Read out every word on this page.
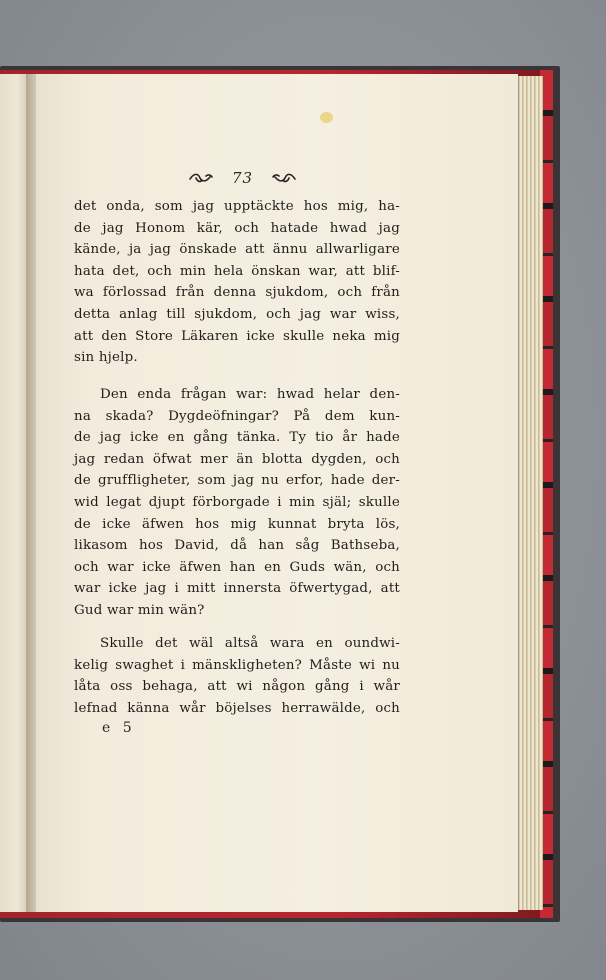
73
det onda, som jag upptäckte hos mig, ha-
de jag Honom kär, och hatade hwad jag
kände, ja jag önskade att ännu allwarligare
hata det, och min hela önskan war, att blif-
wa förlossad från denna sjukdom, och från
detta anlag till sjukdom, och jag war wiss,
att den Store Läkaren icke skulle neka mig
sin hjelp.
Den enda frågan war: hwad helar den-
na skada? Dygdeöfningar? På dem kun-
de jag icke en gång tänka. Ty tio år hade
jag redan öfwat mer än blotta dygden, och
de gruffligheter, som jag nu erfor, hade der-
wid legat djupt förborgade i min själ; skulle
de icke äfwen hos mig kunnat bryta lös,
likasom hos David, då han såg Bathseba,
och war icke äfwen han en Guds wän, och
war icke jag i mitt innersta öfwertygad, att
Gud war min wän?
Skulle det wäl altså wara en oundwi-
kelig swaghet i mänskligheten? Måste wi nu
låta oss behaga, att wi någon gång i wår
lefnad känna wår böjelses herrawälde, och
e 5
